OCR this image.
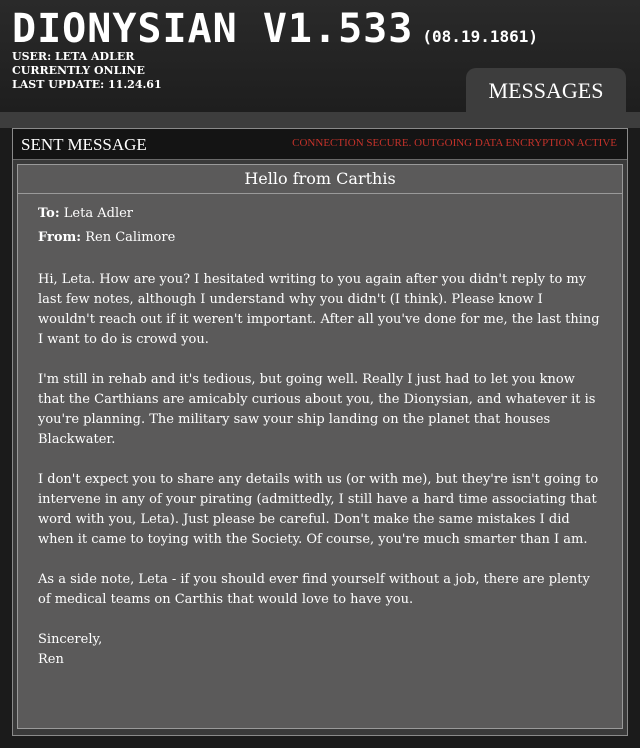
DIONYSIAN V1.533 (08.19.1861)
USER: LETA ADLER
CURRENTLY ONLINE
LAST UPDATE: 11.24.61	MESSAGES
SENT MESSAGE	CONNECTION SECURE. OUTGOING DATA ENCRYPTION ACTIVE
Hello from Carthis
To: Leta Adler
From: Ren Calimore

Hi, Leta. How are you? I hesitated writing to you again after you didn't reply to my last few notes, although I understand why you didn't (I think). Please know I wouldn't reach out if it weren't important. After all you've done for me, the last thing I want to do is crowd you.

I'm still in rehab and it's tedious, but going well. Really I just had to let you know that the Carthians are amicably curious about you, the Dionysian, and whatever it is you're planning. The military saw your ship landing on the planet that houses Blackwater.

I don't expect you to share any details with us (or with me), but they're isn't going to intervene in any of your pirating (admittedly, I still have a hard time associating that word with you, Leta). Just please be careful. Don't make the same mistakes I did when it came to toying with the Society. Of course, you're much smarter than I am.

As a side note, Leta - if you should ever find yourself without a job, there are plenty of medical teams on Carthis that would love to have you.

Sincerely,
Ren
